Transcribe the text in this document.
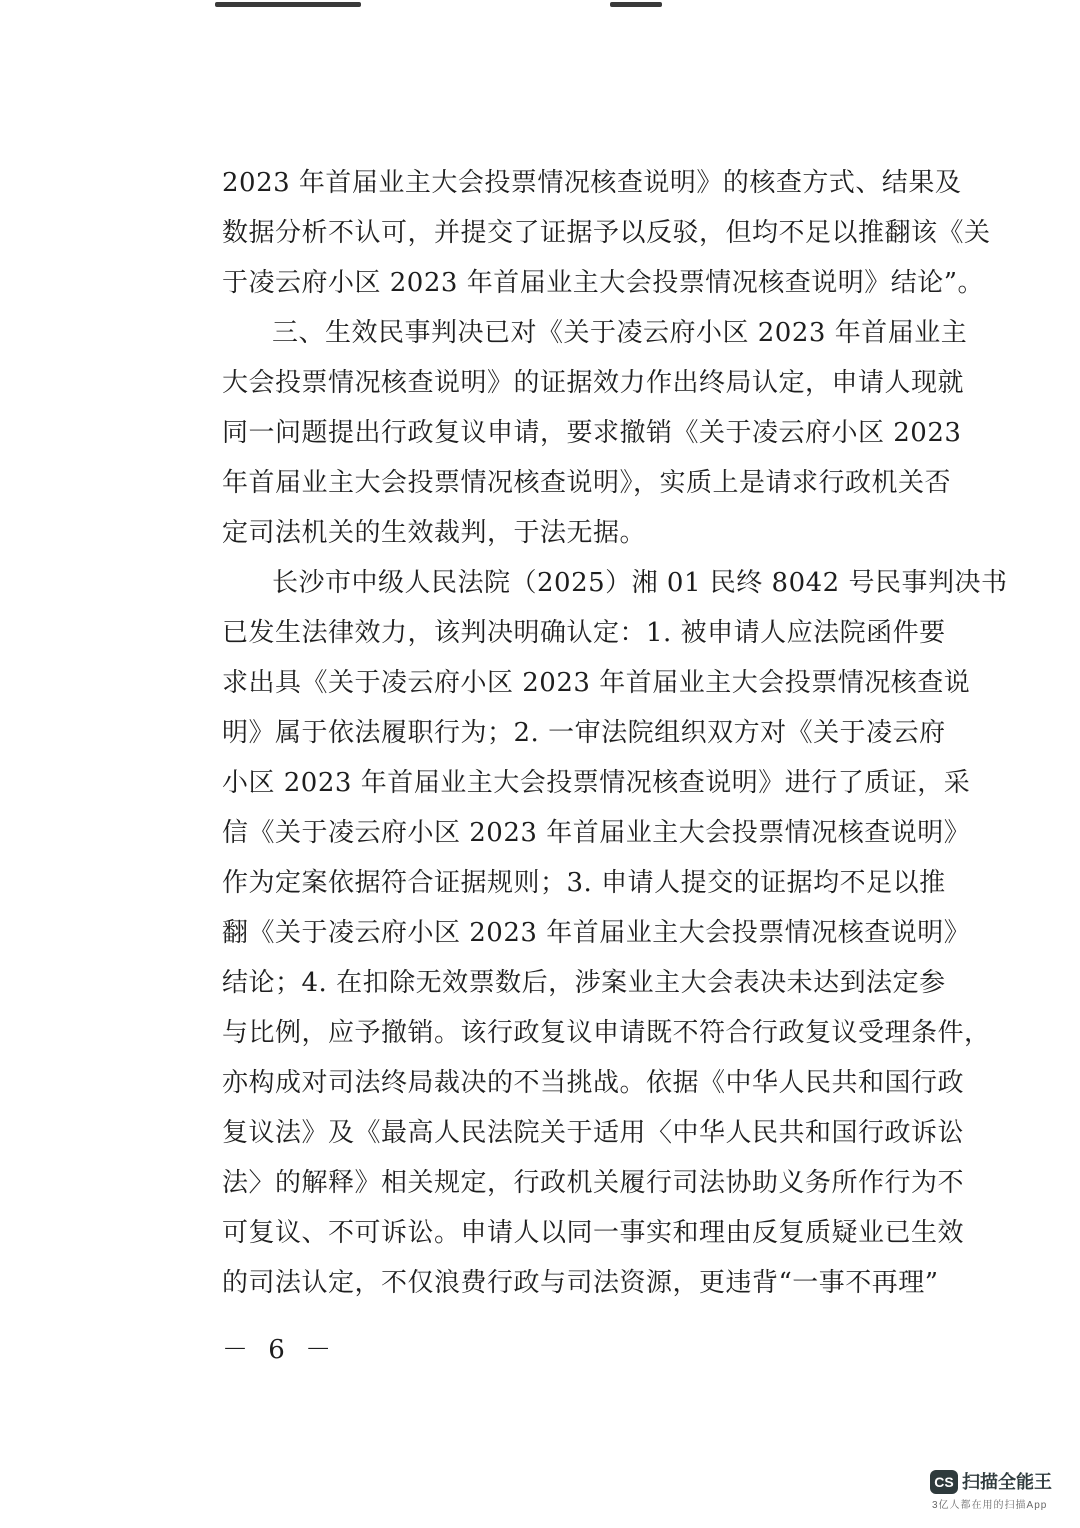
2023 年首届业主大会投票情况核查说明》的核查方式、结果及
数据分析不认可，并提交了证据予以反驳，但均不足以推翻该《关
于凌云府小区 2023 年首届业主大会投票情况核查说明》结论”。
三、生效民事判决已对《关于凌云府小区 2023 年首届业主
大会投票情况核查说明》的证据效力作出终局认定，申请人现就
同一问题提出行政复议申请，要求撤销《关于凌云府小区 2023
年首届业主大会投票情况核查说明》，实质上是请求行政机关否
定司法机关的生效裁判，于法无据。
长沙市中级人民法院（2025）湘 01 民终 8042 号民事判决书
已发生法律效力，该判决明确认定：1. 被申请人应法院函件要
求出具《关于凌云府小区 2023 年首届业主大会投票情况核查说
明》属于依法履职行为；2. 一审法院组织双方对《关于凌云府
小区 2023 年首届业主大会投票情况核查说明》进行了质证，采
信《关于凌云府小区 2023 年首届业主大会投票情况核查说明》
作为定案依据符合证据规则；3. 申请人提交的证据均不足以推
翻《关于凌云府小区 2023 年首届业主大会投票情况核查说明》
结论；4. 在扣除无效票数后，涉案业主大会表决未达到法定参
与比例，应予撤销。该行政复议申请既不符合行政复议受理条件，
亦构成对司法终局裁决的不当挑战。依据《中华人民共和国行政
复议法》及《最高人民法院关于适用〈中华人民共和国行政诉讼
法〉的解释》相关规定，行政机关履行司法协助义务所作行为不
可复议、不可诉讼。申请人以同一事实和理由反复质疑业已生效
的司法认定，不仅浪费行政与司法资源，更违背“一事不再理”
－ 6 －
CS 扫描全能王
3亿人都在用的扫描App
